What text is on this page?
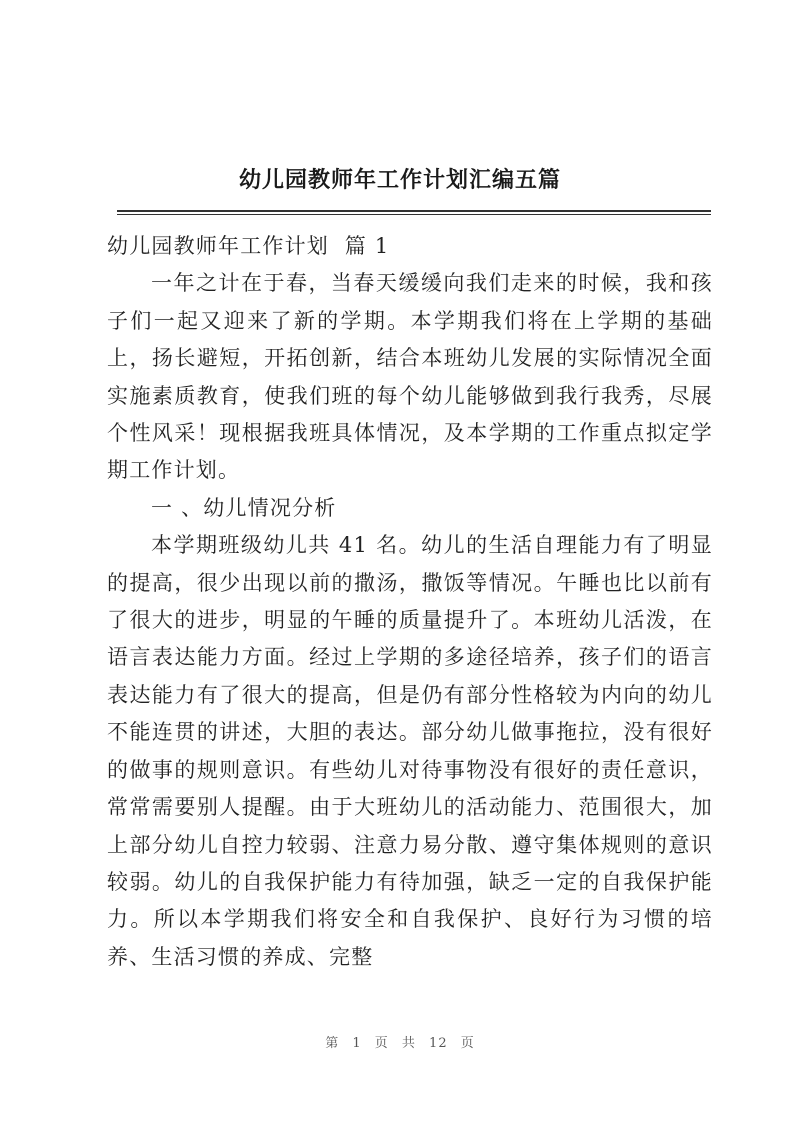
幼儿园教师年工作计划汇编五篇

幼儿园教师年工作计划  篇 1

一年之计在于春，当春天缓缓向我们走来的时候，我和孩子们一起又迎来了新的学期。本学期我们将在上学期的基础上，扬长避短，开拓创新，结合本班幼儿发展的实际情况全面实施素质教育，使我们班的每个幼儿能够做到我行我秀，尽展个性风采！现根据我班具体情况，及本学期的工作重点拟定学期工作计划。

一 、幼儿情况分析

本学期班级幼儿共 41 名。幼儿的生活自理能力有了明显的提高，很少出现以前的撒汤，撒饭等情况。午睡也比以前有了很大的进步，明显的午睡的质量提升了。本班幼儿活泼，在语言表达能力方面。经过上学期的多途径培养，孩子们的语言表达能力有了很大的提高，但是仍有部分性格较为内向的幼儿不能连贯的讲述，大胆的表达。部分幼儿做事拖拉，没有很好的做事的规则意识。有些幼儿对待事物没有很好的责任意识，常常需要别人提醒。由于大班幼儿的活动能力、范围很大，加上部分幼儿自控力较弱、注意力易分散、遵守集体规则的意识较弱。幼儿的自我保护能力有待加强，缺乏一定的自我保护能力。所以本学期我们将安全和自我保护、良好行为习惯的培养、生活习惯的养成、完整

第 1 页 共 12 页
